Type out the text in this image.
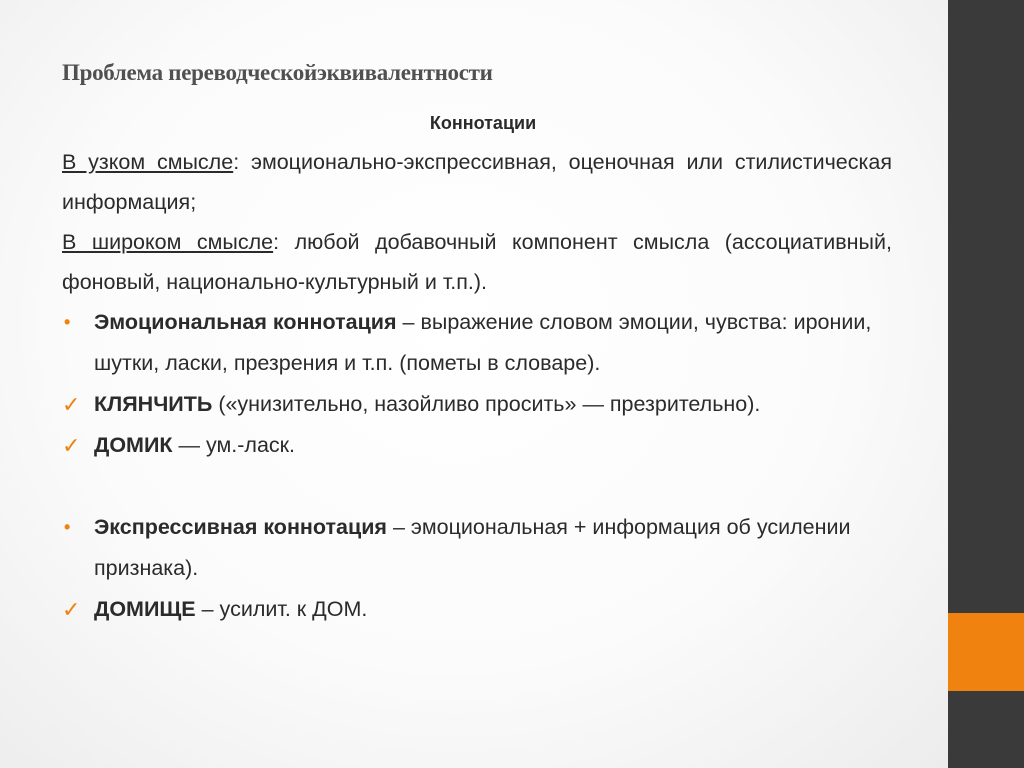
Проблема переводческойэквивалентности
Коннотации

В узком смысле: эмоционально-экспрессивная, оценочная или стилистическая информация;

В широком смысле: любой добавочный компонент смысла (ассоциативный, фоновый, национально-культурный и т.п.).

•	Эмоциональная коннотация – выражение словом эмоции, чувства: иронии, шутки, ласки, презрения и т.п. (пометы в словаре).

✓ КЛЯНЧИТЬ («унизительно, назойливо просить» — презрительно).

✓ ДОМИК — ум.-ласк.

•	Экспрессивная коннотация – эмоциональная + информация об усилении признака).

✓ ДОМИЩЕ – усилит. к ДОМ.
